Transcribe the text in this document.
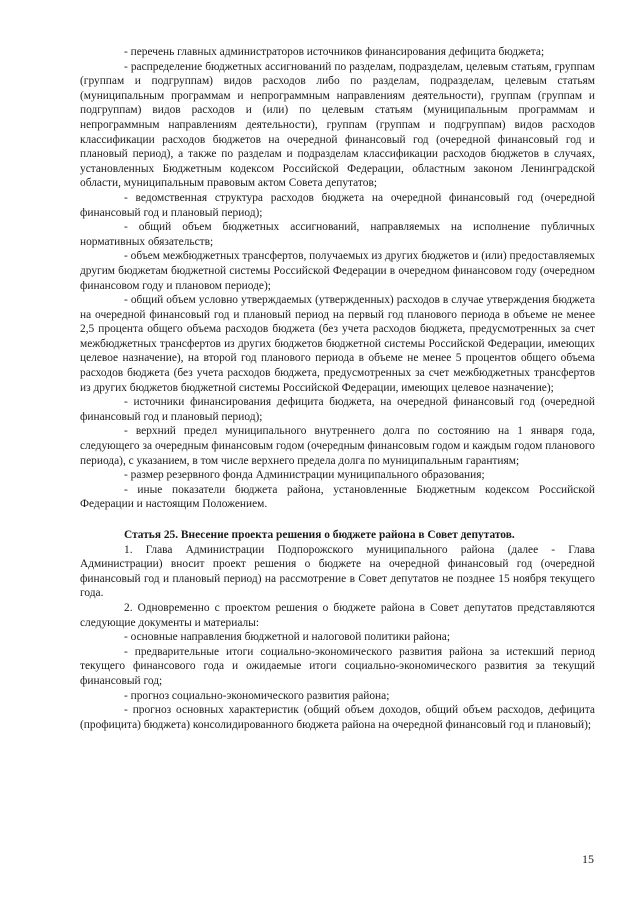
- перечень главных администраторов источников финансирования дефицита бюджета;

- распределение бюджетных ассигнований по разделам, подразделам, целевым статьям, группам (группам и подгруппам) видов расходов либо по разделам, подразделам, целевым статьям (муниципальным программам и непрограммным направлениям деятельности), группам (группам и подгруппам) видов расходов и (или) по целевым статьям (муниципальным программам и непрограммным направлениям деятельности), группам (группам и подгруппам) видов расходов классификации расходов бюджетов на очередной финансовый год (очередной финансовый год и плановый период), а также по разделам и подразделам классификации расходов бюджетов в случаях, установленных Бюджетным кодексом Российской Федерации, областным законом Ленинградской области, муниципальным правовым актом Совета депутатов;

- ведомственная структура расходов бюджета на очередной финансовый год (очередной финансовый год и плановый период);

- общий объем бюджетных ассигнований, направляемых на исполнение публичных нормативных обязательств;

- объем межбюджетных трансфертов, получаемых из других бюджетов и (или) предоставляемых другим бюджетам бюджетной системы Российской Федерации в очередном финансовом году (очередном финансовом году и плановом периоде);

- общий объем условно утверждаемых (утвержденных) расходов в случае утверждения бюджета на очередной финансовый год и плановый период на первый год планового периода в объеме не менее 2,5 процента общего объема расходов бюджета (без учета расходов бюджета, предусмотренных за счет межбюджетных трансфертов из других бюджетов бюджетной системы Российской Федерации, имеющих целевое назначение), на второй год планового периода в объеме не менее 5 процентов общего объема расходов бюджета (без учета расходов бюджета, предусмотренных за счет межбюджетных трансфертов из других бюджетов бюджетной системы Российской Федерации, имеющих целевое назначение);

- источники финансирования дефицита бюджета, на очередной финансовый год (очередной финансовый год и плановый период);

- верхний предел муниципального внутреннего долга по состоянию на 1 января года, следующего за очередным финансовым годом (очередным финансовым годом и каждым годом планового периода), с указанием, в том числе верхнего предела долга по муниципальным гарантиям;

- размер резервного фонда Администрации муниципального образования;

- иные показатели бюджета района, установленные Бюджетным кодексом Российской Федерации и настоящим Положением.

Статья 25. Внесение проекта решения о бюджете района в Совет депутатов.

1. Глава Администрации Подпорожского муниципального района (далее - Глава Администрации) вносит проект решения о бюджете на очередной финансовый год (очередной финансовый год и плановый период) на рассмотрение в Совет депутатов не позднее 15 ноября текущего года.

2. Одновременно с проектом решения о бюджете района в Совет депутатов представляются следующие документы и материалы:

- основные направления бюджетной и налоговой политики района;

- предварительные итоги социально-экономического развития района за истекший период текущего финансового года и ожидаемые итоги социально-экономического развития за текущий финансовый год;

- прогноз социально-экономического развития района;

- прогноз основных характеристик (общий объем доходов, общий объем расходов, дефицита (профицита) бюджета) консолидированного бюджета района на очередной финансовый год и плановый);

15
